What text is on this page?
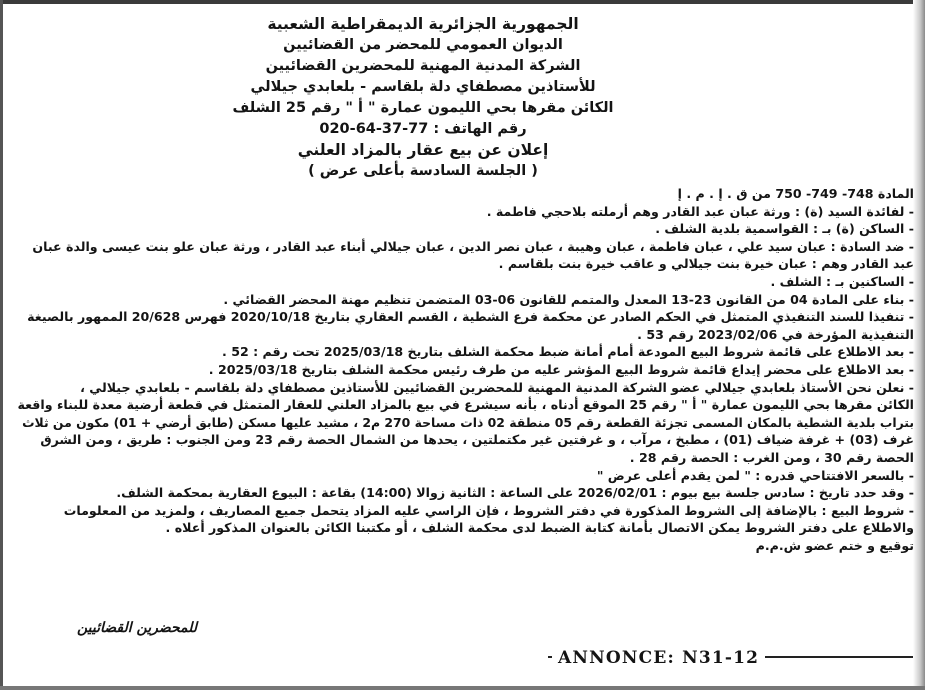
الجمهورية الجزائرية الديمقراطية الشعبية
الديوان العمومي للمحضر من القضائيين
الشركة المدنية المهنية للمحضرين القضائيين
للأستاذين مصطفاي دلة بلقاسم - بلعابدي جيلالي
الكائن مقرها بحي الليمون عمارة " أ " رقم 25 الشلف
رقم الهاتف : 77-37-64-020
إعلان عن بيع عقار بالمزاد العلني
( الجلسة السادسة بأعلى عرض )
المادة 748- 749- 750 من ق . إ . م . إ
- لفائدة السيد (ة) : ورثة عبان عبد القادر وهم أرملته بلاحجي فاطمة .
- الساكن (ة) بـ : القواسمية بلدية الشلف .
- ضد السادة : عبان سيد علي ، عبان فاطمة ، عبان وهيبة ، عبان نصر الدين ، عبان جيلالي أبناء عبد القادر ، ورثة عبان علو بنت عيسى والدة عبان
عبد القادر وهم : عبان خيرة بنت جيلالي و عاقب خيرة بنت بلقاسم .
- الساكنين بـ : الشلف .
- بناء على المادة 04 من القانون 23-13 المعدل والمتمم للقانون 06-03 المتضمن تنظيم مهنة المحضر القضائي .
- تنفيذا للسند التنفيذي المتمثل في الحكم الصادر عن محكمة فرع الشطية ، القسم العقاري بتاريخ 2020/10/18 فهرس 20/628 الممهور بالصيغة
التنفيذية المؤرخة في 2023/02/06 رقم 53 .
- بعد الاطلاع على قائمة شروط البيع المودعة أمام أمانة ضبط محكمة الشلف بتاريخ 2025/03/18 تحت رقم : 52 .
- بعد الاطلاع على محضر إيداع قائمة شروط البيع المؤشر عليه من طرف رئيس محكمة الشلف بتاريخ 2025/03/18 .
- نعلن نحن الأستاذ بلعابدي جيلالي عضو الشركة المدنية المهنية للمحضرين القضائيين للأستاذين مصطفاي دلة بلقاسم - بلعابدي جيلالي ،
الكائن مقرها بحي الليمون عمارة " أ " رقم 25 الموقع أدناه ، بأنه سيشرع في بيع بالمزاد العلني للعقار المتمثل في قطعة أرضية معدة للبناء واقعة
بتراب بلدية الشطية بالمكان المسمى تجزئة القطعة رقم 05 منطقة 02 ذات مساحة 270 م2 ، مشيد عليها مسكن (طابق أرضي + 01) مكون من ثلاث
غرف (03) + غرفة ضياف (01) ، مطبخ ، مرآب ، و غرفتين غير مكتملتين ، يحدها من الشمال الحصة رقم 23 ومن الجنوب : طريق ، ومن الشرق
الحصة رقم 30 ، ومن الغرب : الحصة رقم 28 .
- بالسعر الافتتاحي قدره : " لمن يقدم أعلى عرض "
- وقد حدد تاريخ : سادس جلسة بيع بيوم : 2026/02/01 على الساعة : الثانية زوالا (14:00) بقاعة : البيوع العقارية بمحكمة الشلف.
- شروط البيع : بالإضافة إلى الشروط المذكورة في دفتر الشروط ، فإن الراسي عليه المزاد يتحمل جميع المصاريف ، ولمزيد من المعلومات
والاطلاع على دفتر الشروط يمكن الاتصال بأمانة كتابة الضبط لدى محكمة الشلف ، أو مكتبنا الكائن بالعنوان المذكور أعلاه .
توقيع و ختم عضو ش.م.م
للمحضرين القضائيين
ANNONCE: N31-12
